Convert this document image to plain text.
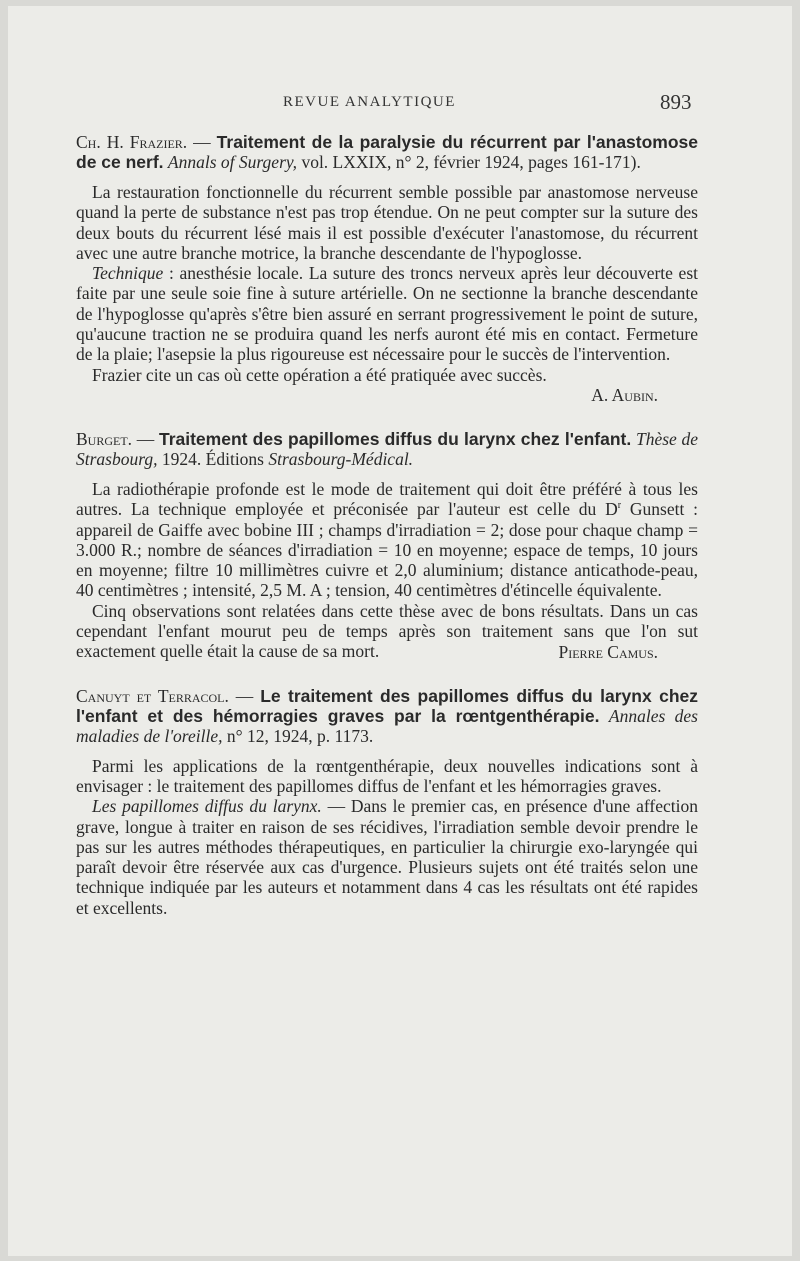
REVUE ANALYTIQUE	893

Ch. H. Frazier. — Traitement de la paralysie du récurrent par l'anastomose de ce nerf. Annals of Surgery, vol. LXXIX, n° 2, février 1924, pages 161-171).

La restauration fonctionnelle du récurrent semble possible par anastomose nerveuse quand la perte de substance n'est pas trop étendue. On ne peut compter sur la suture des deux bouts du récurrent lésé mais il est possible d'exécuter l'anastomose, du récurrent avec une autre branche motrice, la branche descendante de l'hypoglosse.

Technique : anesthésie locale. La suture des troncs nerveux après leur découverte est faite par une seule soie fine à suture artérielle. On ne sectionne la branche descendante de l'hypoglosse qu'après s'être bien assuré en serrant progressivement le point de suture, qu'aucune traction ne se produira quand les nerfs auront été mis en contact. Fermeture de la plaie; l'asepsie la plus rigoureuse est nécessaire pour le succès de l'intervention.

Frazier cite un cas où cette opération a été pratiquée avec succès.

A. Aubin.

Burget. — Traitement des papillomes diffus du larynx chez l'enfant. Thèse de Strasbourg, 1924. Éditions Strasbourg-Médical.

La radiothérapie profonde est le mode de traitement qui doit être préféré à tous les autres. La technique employée et préconisée par l'auteur est celle du $D^r$ Gunsett : appareil de Gaiffe avec bobine III ; champs d'irradiation = 2; dose pour chaque champ = 3.000 R.; nombre de séances d'irradiation = 10 en moyenne; espace de temps, 10 jours en moyenne; filtre 10 millimètres cuivre et 2,0 aluminium; distance anticathode-peau, 40 centimètres ; intensité, 2,5 M. A ; tension, 40 centimètres d'étincelle équivalente.

Cinq observations sont relatées dans cette thèse avec de bons résultats. Dans un cas cependant l'enfant mourut peu de temps après son traitement sans que l'on sut exactement quelle était la cause de sa mort.	Pierre Camus.

Canuyt et Terracol. — Le traitement des papillomes diffus du larynx chez l'enfant et des hémorragies graves par la rœntgenthérapie. Annales des maladies de l'oreille, n° 12, 1924, p. 1173.

Parmi les applications de la rœntgenthérapie, deux nouvelles indications sont à envisager : le traitement des papillomes diffus de l'enfant et les hémorragies graves.

Les papillomes diffus du larynx. — Dans le premier cas, en présence d'une affection grave, longue à traiter en raison de ses récidives, l'irradiation semble devoir prendre le pas sur les autres méthodes thérapeutiques, en particulier la chirurgie exo-laryngée qui paraît devoir être réservée aux cas d'urgence. Plusieurs sujets ont été traités selon une technique indiquée par les auteurs et notamment dans 4 cas les résultats ont été rapides et excellents.
